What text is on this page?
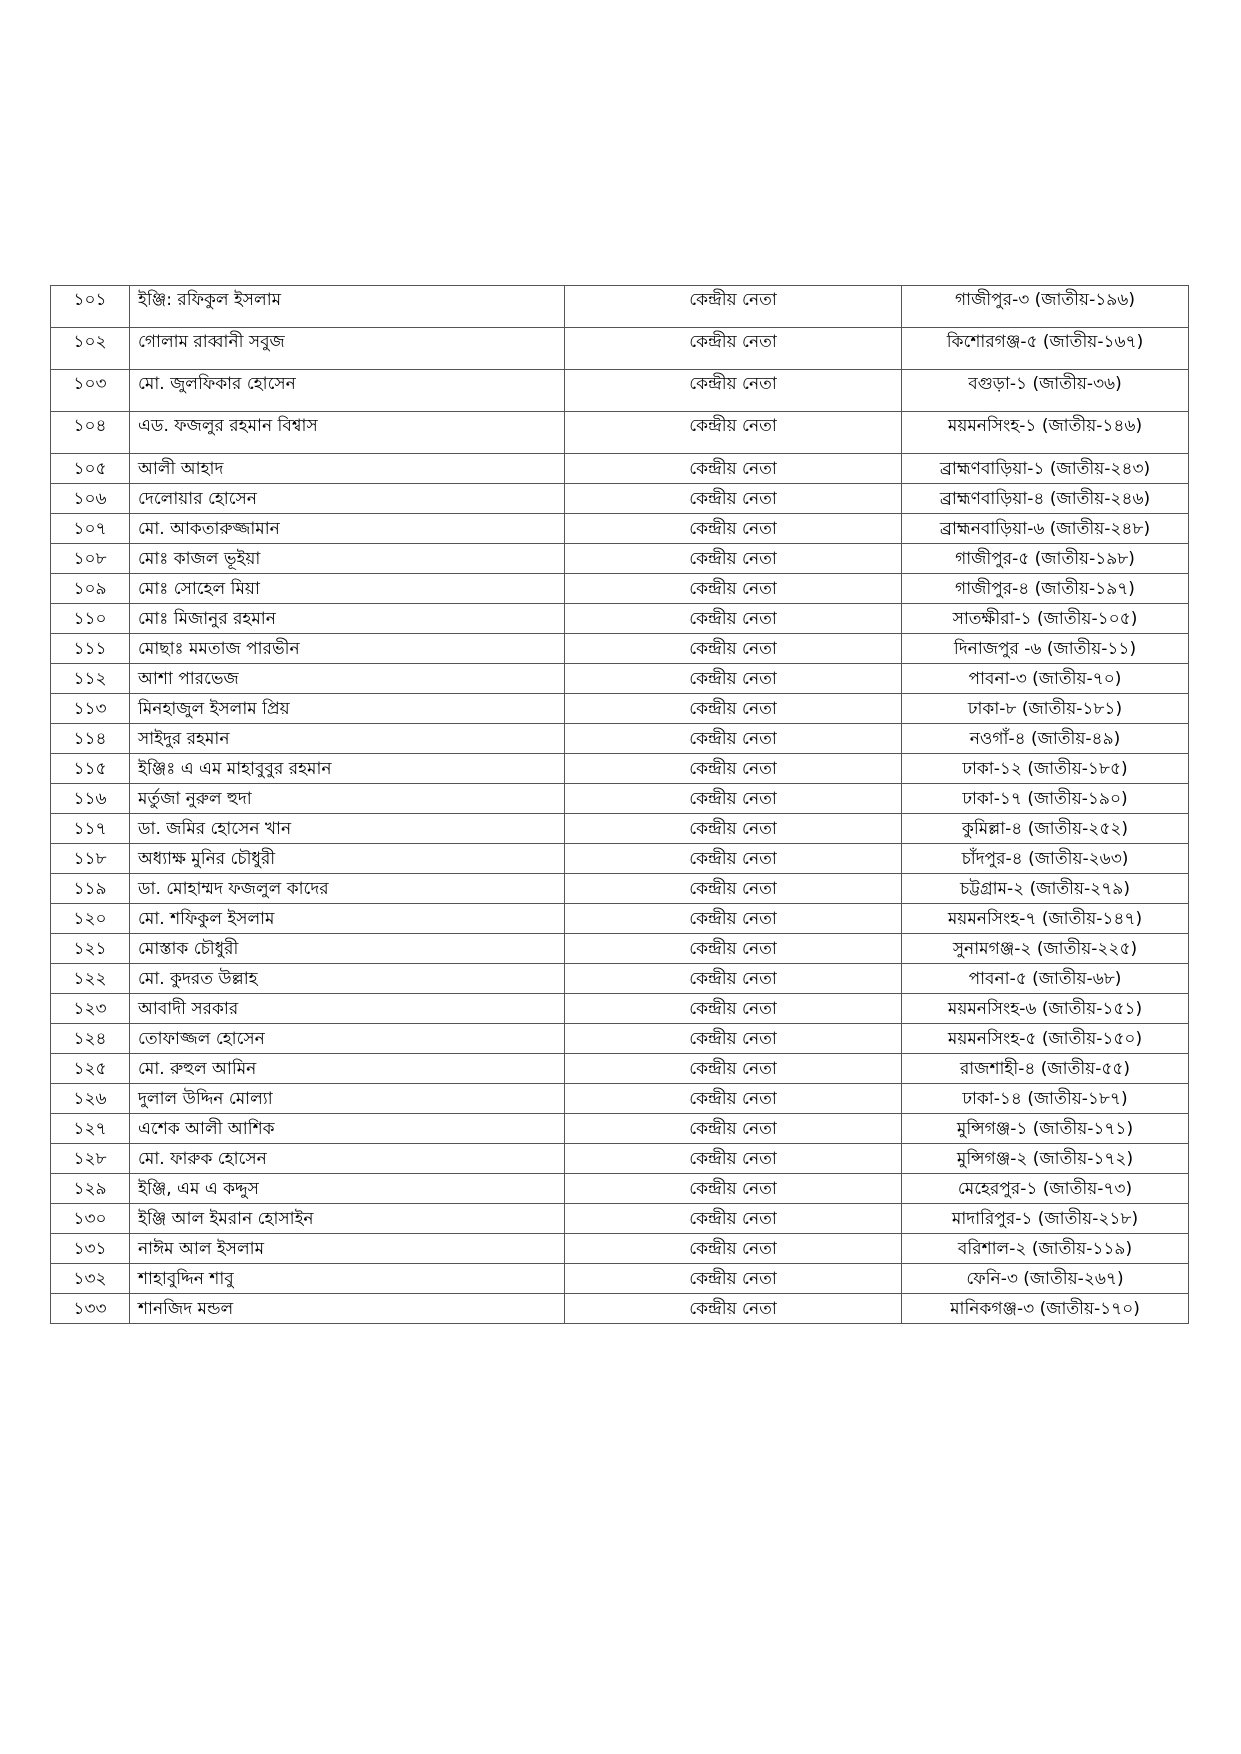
১০১	ইঞ্জি: রফিকুল ইসলাম	কেন্দ্রীয় নেতা	গাজীপুর-৩ (জাতীয়-১৯৬)
১০২	গোলাম রাব্বানী সবুজ	কেন্দ্রীয় নেতা	কিশোরগঞ্জ-৫ (জাতীয়-১৬৭)
১০৩	মো. জুলফিকার হোসেন	কেন্দ্রীয় নেতা	বগুড়া-১ (জাতীয়-৩৬)
১০৪	এড. ফজলুর রহমান বিশ্বাস	কেন্দ্রীয় নেতা	ময়মনসিংহ-১ (জাতীয়-১৪৬)
১০৫	আলী আহাদ	কেন্দ্রীয় নেতা	ব্রাহ্মণবাড়িয়া-১ (জাতীয়-২৪৩)
১০৬	দেলোয়ার হোসেন	কেন্দ্রীয় নেতা	ব্রাহ্মণবাড়িয়া-৪ (জাতীয়-২৪৬)
১০৭	মো. আকতারুজ্জামান	কেন্দ্রীয় নেতা	ব্রাহ্মনবাড়িয়া-৬ (জাতীয়-২৪৮)
১০৮	মোঃ কাজল ভূইয়া	কেন্দ্রীয় নেতা	গাজীপুর-৫ (জাতীয়-১৯৮)
১০৯	মোঃ সোহেল মিয়া	কেন্দ্রীয় নেতা	গাজীপুর-৪ (জাতীয়-১৯৭)
১১০	মোঃ মিজানুর রহমান	কেন্দ্রীয় নেতা	সাতক্ষীরা-১ (জাতীয়-১০৫)
১১১	মোছাঃ মমতাজ পারভীন	কেন্দ্রীয় নেতা	দিনাজপুর -৬ (জাতীয়-১১)
১১২	আশা পারভেজ	কেন্দ্রীয় নেতা	পাবনা-৩ (জাতীয়-৭০)
১১৩	মিনহাজুল ইসলাম প্রিয়	কেন্দ্রীয় নেতা	ঢাকা-৮ (জাতীয়-১৮১)
১১৪	সাইদুর রহমান	কেন্দ্রীয় নেতা	নওগাঁ-৪ (জাতীয়-৪৯)
১১৫	ইঞ্জিঃ এ এম মাহাবুবুর রহমান	কেন্দ্রীয় নেতা	ঢাকা-১২ (জাতীয়-১৮৫)
১১৬	মর্তুজা নুরুল হুদা	কেন্দ্রীয় নেতা	ঢাকা-১৭ (জাতীয়-১৯০)
১১৭	ডা. জমির হোসেন খান	কেন্দ্রীয় নেতা	কুমিল্লা-৪ (জাতীয়-২৫২)
১১৮	অধ্যাক্ষ মুনির চৌধুরী	কেন্দ্রীয় নেতা	চাঁদপুর-৪ (জাতীয়-২৬৩)
১১৯	ডা. মোহাম্মদ ফজলুল কাদের	কেন্দ্রীয় নেতা	চট্টগ্রাম-২ (জাতীয়-২৭৯)
১২০	মো. শফিকুল ইসলাম	কেন্দ্রীয় নেতা	ময়মনসিংহ-৭ (জাতীয়-১৪৭)
১২১	মোস্তাক চৌধুরী	কেন্দ্রীয় নেতা	সুনামগঞ্জ-২ (জাতীয়-২২৫)
১২২	মো. কুদরত উল্লাহ	কেন্দ্রীয় নেতা	পাবনা-৫ (জাতীয়-৬৮)
১২৩	আবাদী সরকার	কেন্দ্রীয় নেতা	ময়মনসিংহ-৬ (জাতীয়-১৫১)
১২৪	তোফাজ্জল হোসেন	কেন্দ্রীয় নেতা	ময়মনসিংহ-৫ (জাতীয়-১৫০)
১২৫	মো. রুহুল আমিন	কেন্দ্রীয় নেতা	রাজশাহী-৪ (জাতীয়-৫৫)
১২৬	দুলাল উদ্দিন মোল্যা	কেন্দ্রীয় নেতা	ঢাকা-১৪ (জাতীয়-১৮৭)
১২৭	এশেক আলী আশিক	কেন্দ্রীয় নেতা	মুন্সিগঞ্জ-১ (জাতীয়-১৭১)
১২৮	মো. ফারুক হোসেন	কেন্দ্রীয় নেতা	মুন্সিগঞ্জ-২ (জাতীয়-১৭২)
১২৯	ইঞ্জি, এম এ কদ্দুস	কেন্দ্রীয় নেতা	মেহেরপুর-১ (জাতীয়-৭৩)
১৩০	ইঞ্জি আল ইমরান হোসাইন	কেন্দ্রীয় নেতা	মাদারিপুর-১ (জাতীয়-২১৮)
১৩১	নাঈম আল ইসলাম	কেন্দ্রীয় নেতা	বরিশাল-২ (জাতীয়-১১৯)
১৩২	শাহাবুদ্দিন শাবু	কেন্দ্রীয় নেতা	ফেনি-৩ (জাতীয়-২৬৭)
১৩৩	শানজিদ মন্ডল	কেন্দ্রীয় নেতা	মানিকগঞ্জ-৩ (জাতীয়-১৭০)
